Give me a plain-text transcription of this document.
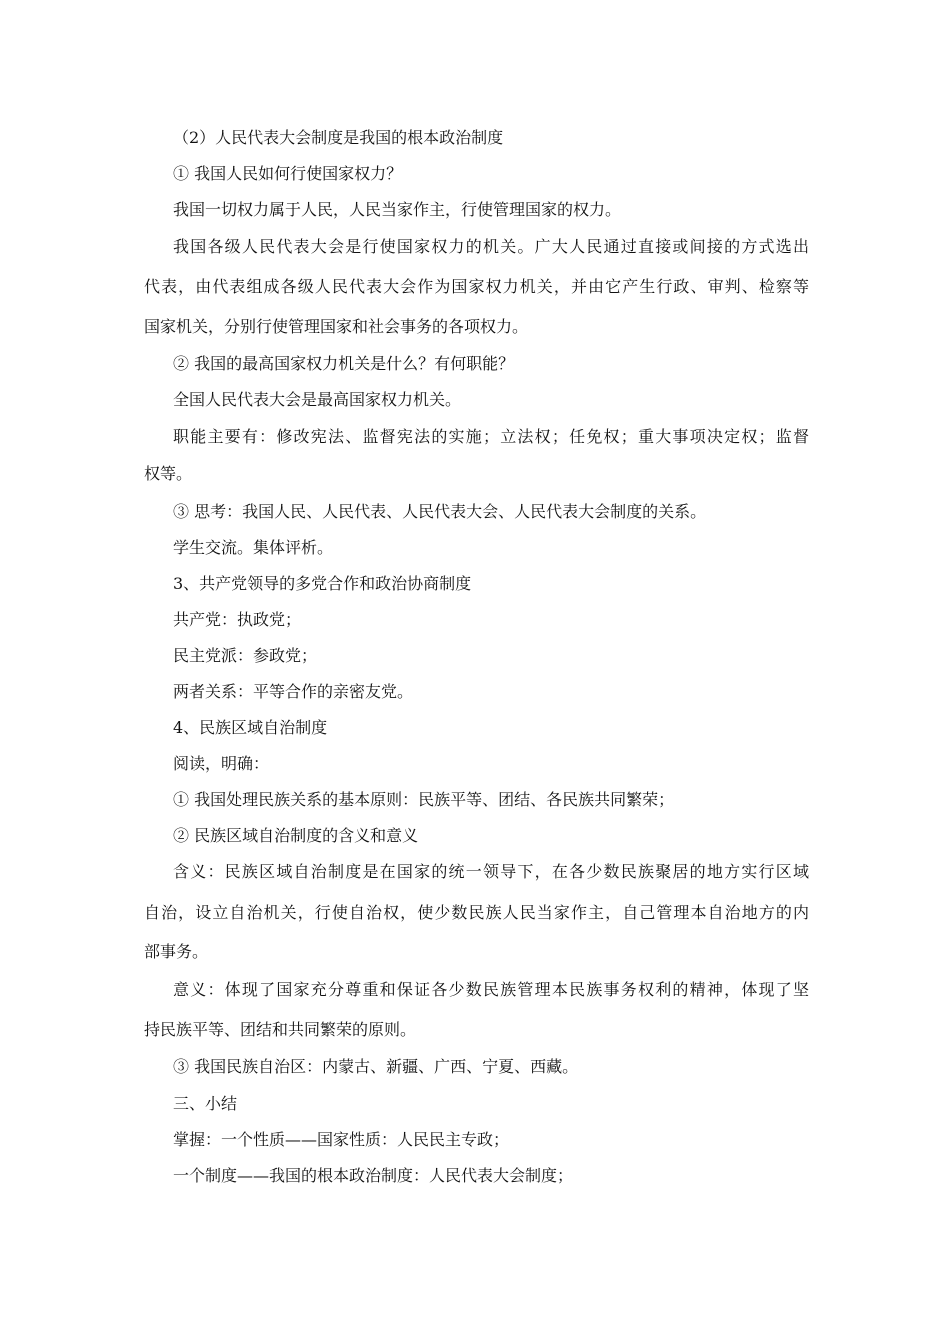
（2）人民代表大会制度是我国的根本政治制度
① 我国人民如何行使国家权力？
我国一切权力属于人民，人民当家作主，行使管理国家的权力。
我国各级人民代表大会是行使国家权力的机关。广大人民通过直接或间接的方式选出
代表，由代表组成各级人民代表大会作为国家权力机关，并由它产生行政、审判、检察等
国家机关，分别行使管理国家和社会事务的各项权力。
② 我国的最高国家权力机关是什么？有何职能？
全国人民代表大会是最高国家权力机关。
职能主要有：修改宪法、监督宪法的实施；立法权；任免权；重大事项决定权；监督
权等。
③ 思考：我国人民、人民代表、人民代表大会、人民代表大会制度的关系。
学生交流。集体评析。
3、共产党领导的多党合作和政治协商制度
共产党：执政党；
民主党派：参政党；
两者关系：平等合作的亲密友党。
4、民族区域自治制度
阅读，明确：
① 我国处理民族关系的基本原则：民族平等、团结、各民族共同繁荣；
② 民族区域自治制度的含义和意义
含义：民族区域自治制度是在国家的统一领导下，在各少数民族聚居的地方实行区域
自治，设立自治机关，行使自治权，使少数民族人民当家作主，自己管理本自治地方的内
部事务。
意义：体现了国家充分尊重和保证各少数民族管理本民族事务权利的精神，体现了坚
持民族平等、团结和共同繁荣的原则。
③ 我国民族自治区：内蒙古、新疆、广西、宁夏、西藏。
三、小结
掌握：一个性质——国家性质：人民民主专政；
一个制度——我国的根本政治制度：人民代表大会制度；
